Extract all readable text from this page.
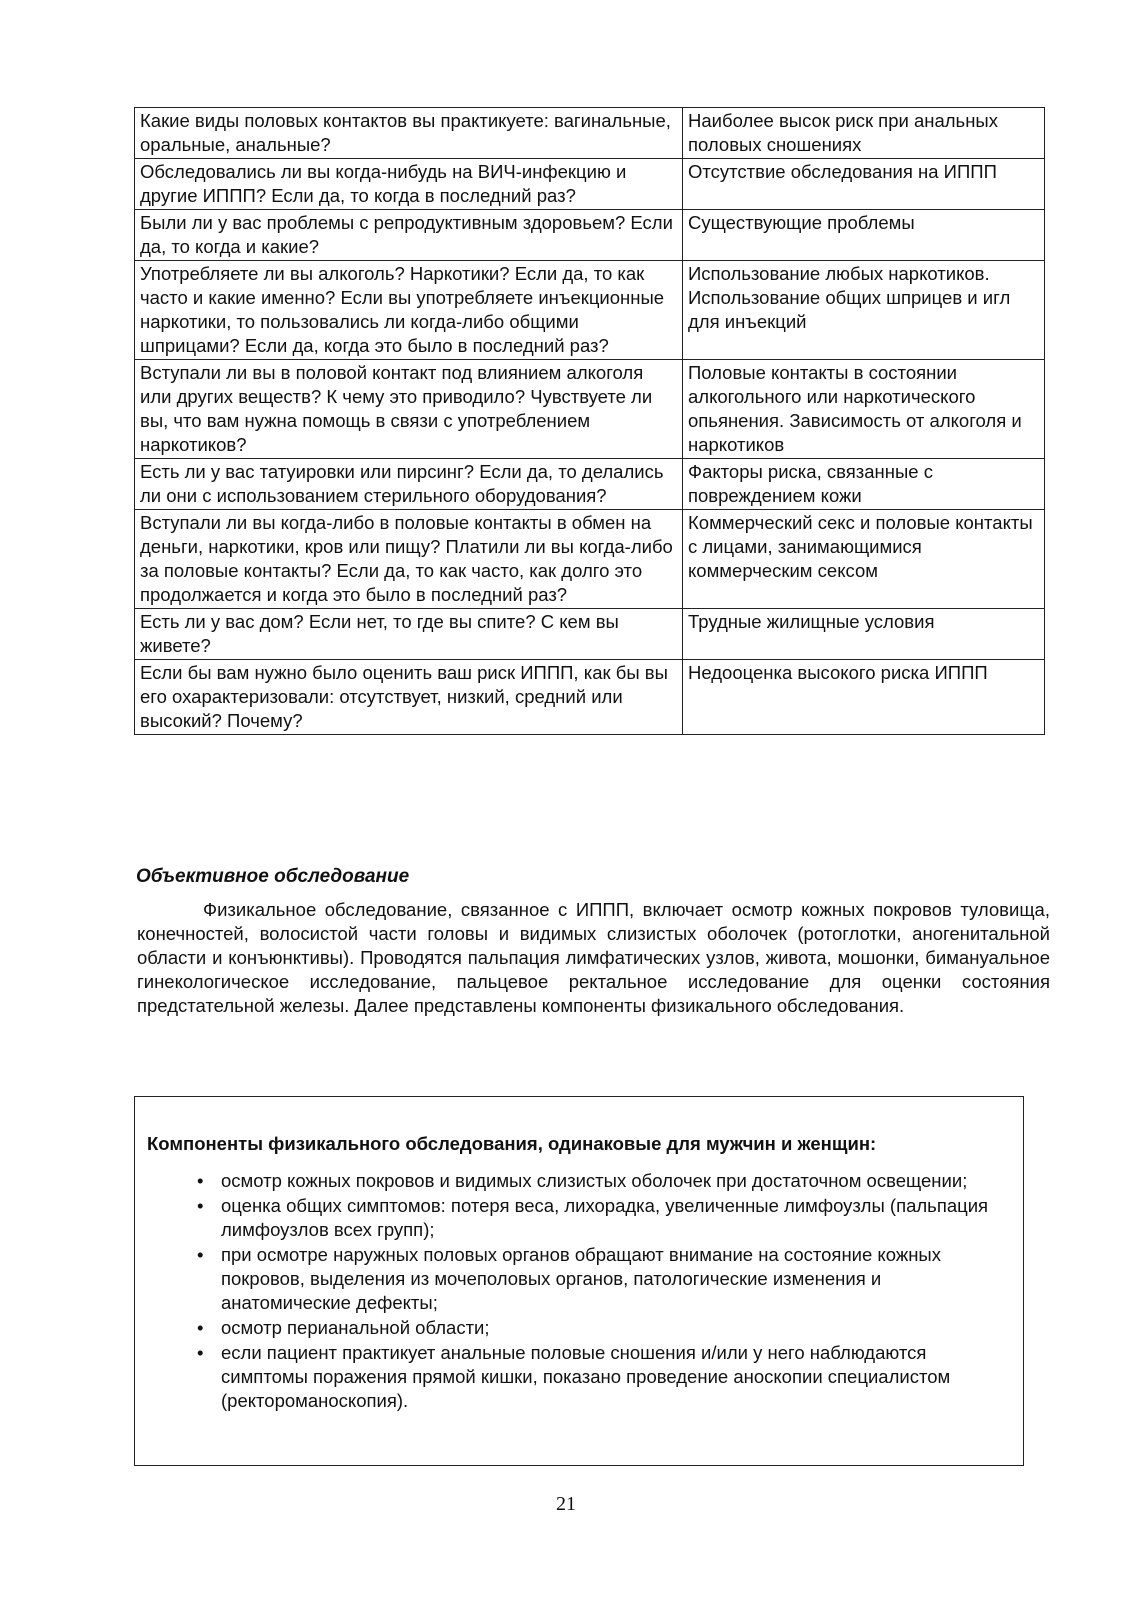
Какие виды половых контактов вы практикуете: вагинальные, оральные, анальные?	Наиболее высок риск при анальных половых сношениях
Обследовались ли вы когда-нибудь на ВИЧ-инфекцию и другие ИППП? Если да, то когда в последний раз?	Отсутствие обследования на ИППП
Были ли у вас проблемы с репродуктивным здоровьем? Если да, то когда и какие?	Существующие проблемы
Употребляете ли вы алкоголь? Наркотики? Если да, то как часто и какие именно? Если вы употребляете инъекционные наркотики, то пользовались ли когда-либо общими шприцами? Если да, когда это было в последний раз?	Использование любых наркотиков. Использование общих шприцев и игл для инъекций
Вступали ли вы в половой контакт под влиянием алкоголя или других веществ? К чему это приводило? Чувствуете ли вы, что вам нужна помощь в связи с употреблением наркотиков?	Половые контакты в состоянии алкогольного или наркотического опьянения. Зависимость от алкоголя и наркотиков
Есть ли у вас татуировки или пирсинг? Если да, то делались ли они с использованием стерильного оборудования?	Факторы риска, связанные с повреждением кожи
Вступали ли вы когда-либо в половые контакты в обмен на деньги, наркотики, кров или пищу? Платили ли вы когда-либо за половые контакты? Если да, то как часто, как долго это продолжается и когда это было в последний раз?	Коммерческий секс и половые контакты с лицами, занимающимися коммерческим сексом
Есть ли у вас дом? Если нет, то где вы спите? С кем вы живете?	Трудные жилищные условия
Если бы вам нужно было оценить ваш риск ИППП, как бы вы его охарактеризовали: отсутствует, низкий, средний или высокий? Почему?	Недооценка высокого риска ИППП
Объективное обследование

Физикальное обследование, связанное с ИППП, включает осмотр кожных покровов туловища, конечностей, волосистой части головы и видимых слизистых оболочек (ротоглотки, аногенитальной области и конъюнктивы). Проводятся пальпация лимфатических узлов, живота, мошонки, бимануальное гинекологическое исследование, пальцевое ректальное исследование для оценки состояния предстательной железы. Далее представлены компоненты физикального обследования.

Компоненты физикального обследования, одинаковые для мужчин и женщин:
• осмотр кожных покровов и видимых слизистых оболочек при достаточном освещении;
• оценка общих симптомов: потеря веса, лихорадка, увеличенные лимфоузлы (пальпация лимфоузлов всех групп);
• при осмотре наружных половых органов обращают внимание на состояние кожных покровов, выделения из мочеполовых органов, патологические изменения и анатомические дефекты;
• осмотр перианальной области;
• если пациент практикует анальные половые сношения и/или у него наблюдаются симптомы поражения прямой кишки, показано проведение аноскопии специалистом (ректороманоскопия).
21
